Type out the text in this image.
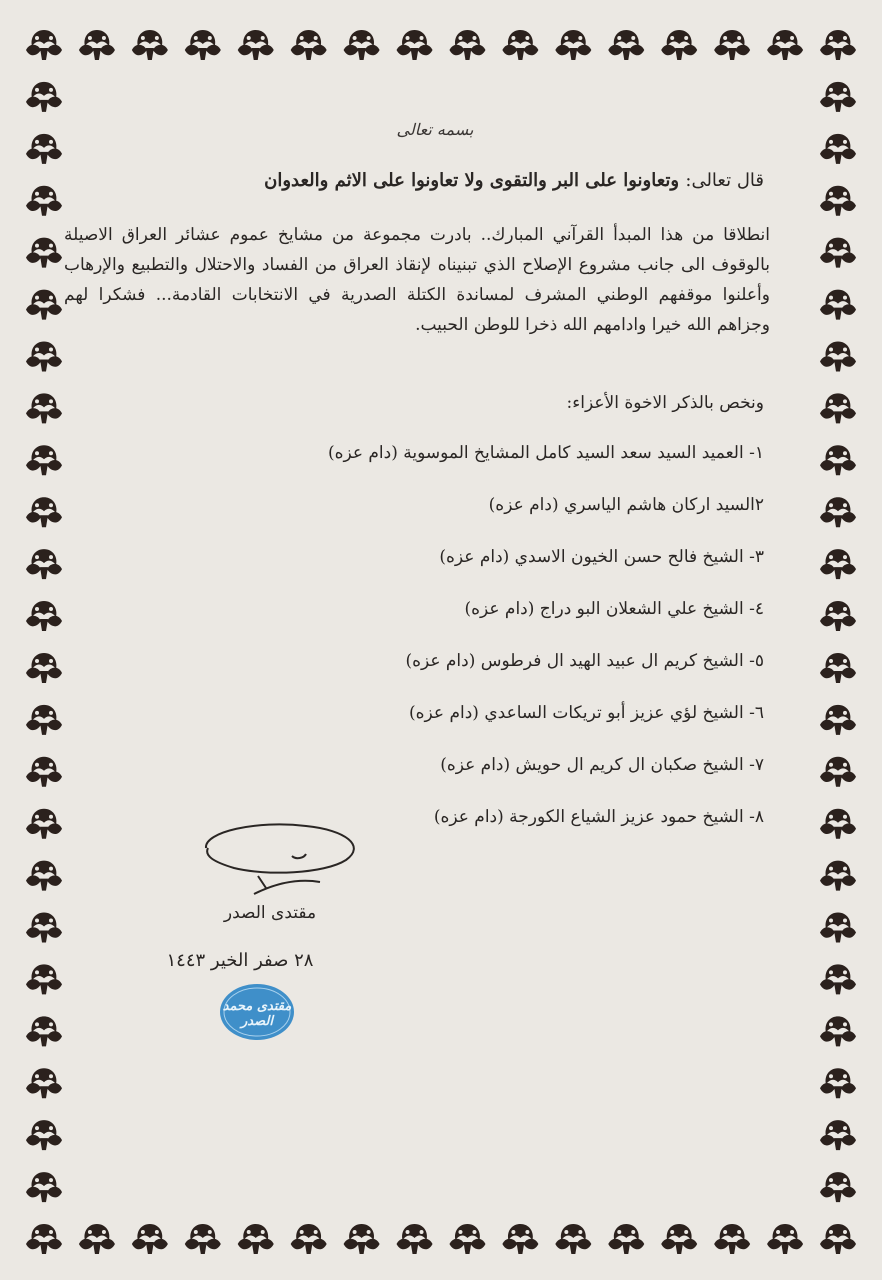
بسمه تعالى
قال تعالى: وتعاونوا على البر والتقوى ولا تعاونوا على الاثم والعدوان
انطلاقا من هذا المبدأ القرآني المبارك.. بادرت مجموعة من مشايخ عموم عشائر العراق الاصيلة بالوقوف الى جانب مشروع الإصلاح الذي تبنيناه لإنقاذ العراق من الفساد والاحتلال والتطبيع والإرهاب وأعلنوا موقفهم الوطني المشرف لمساندة الكتلة الصدرية في الانتخابات القادمة... فشكرا لهم وجزاهم الله خيرا وادامهم الله ذخرا للوطن الحبيب.
ونخص بالذكر الاخوة الأعزاء:
١- العميد السيد سعد السيد كامل المشايخ الموسوية (دام عزه)
٢السيد اركان هاشم الياسري (دام عزه)
٣- الشيخ فالح حسن الخيون الاسدي (دام عزه)
٤- الشيخ علي الشعلان البو دراج (دام عزه)
٥- الشيخ كريم ال عبيد الهيد ال فرطوس (دام عزه)
٦- الشيخ لؤي عزيز أبو تريكات الساعدي (دام عزه)
٧- الشيخ صكبان ال كريم ال حويش (دام عزه)
٨- الشيخ حمود عزيز الشياع الكورجة (دام عزه)
مقتدى الصدر
٢٨ صفر الخير ١٤٤٣
مقتدى محمد الصدر
